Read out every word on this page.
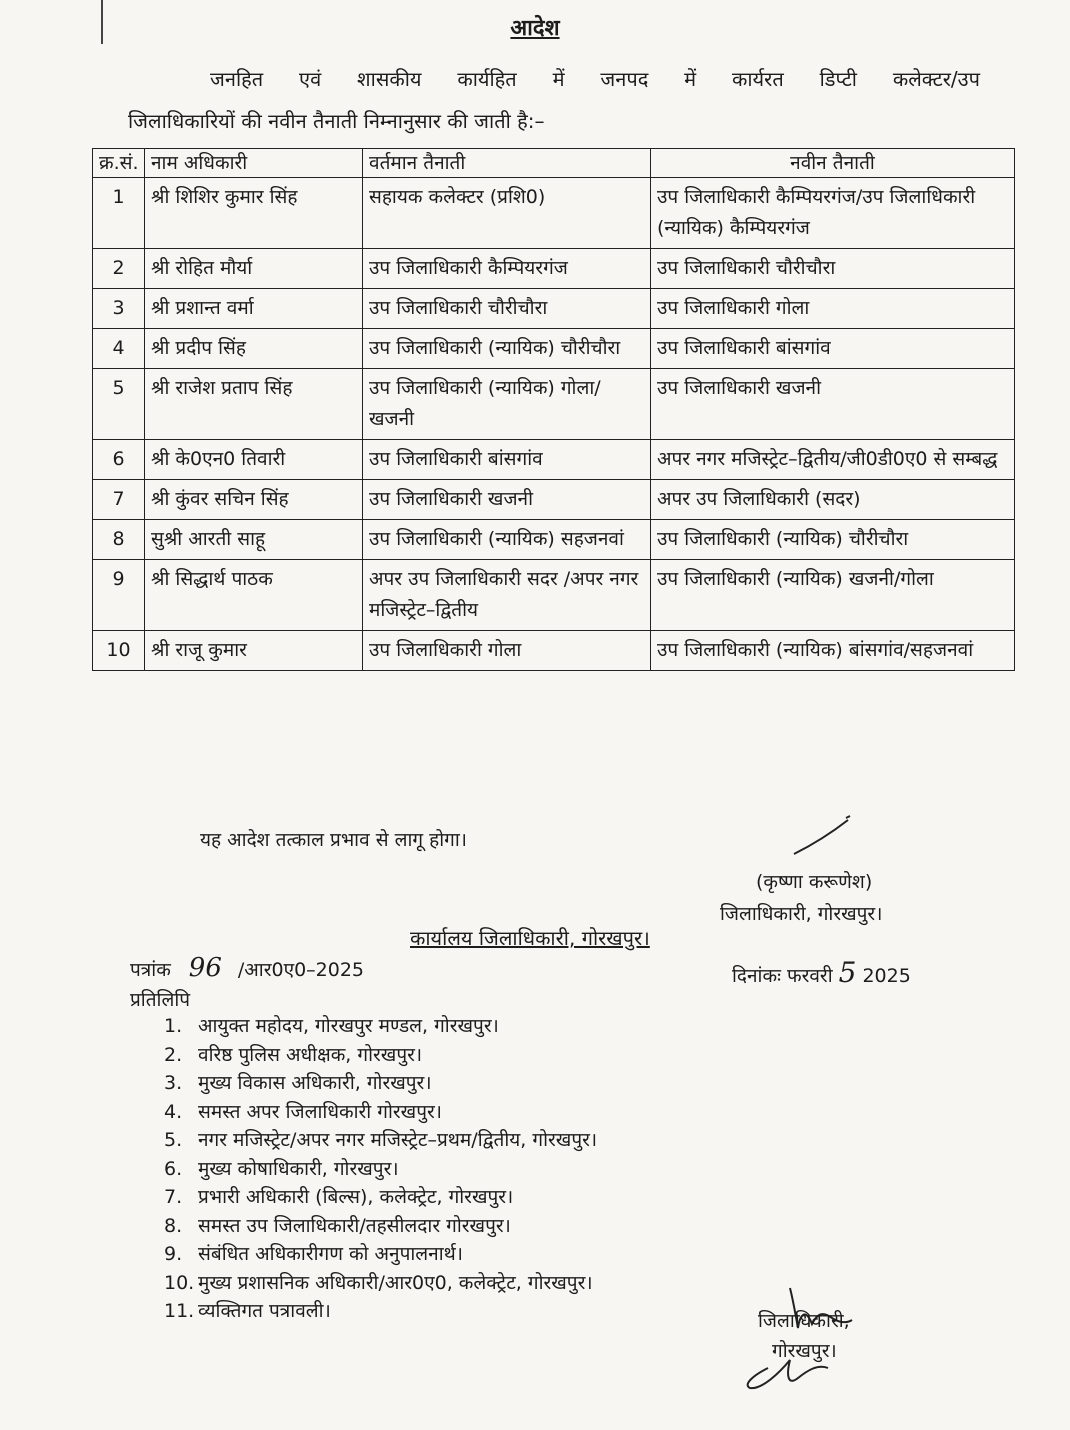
आदेश
जनहित एवं शासकीय कार्यहित में जनपद में कार्यरत डिप्टी कलेक्टर/उप
जिलाधिकारियों की नवीन तैनाती निम्नानुसार की जाती है:–
क्र.सं.	नाम अधिकारी	वर्तमान तैनाती	नवीन तैनाती
1	श्री शिशिर कुमार सिंह	सहायक कलेक्टर (प्रशि0)	उप जिलाधिकारी कैम्पियरगंज/उप जिलाधिकारी (न्यायिक) कैम्पियरगंज
2	श्री रोहित मौर्या	उप जिलाधिकारी कैम्पियरगंज	उप जिलाधिकारी चौरीचौरा
3	श्री प्रशान्त वर्मा	उप जिलाधिकारी चौरीचौरा	उप जिलाधिकारी गोला
4	श्री प्रदीप सिंह	उप जिलाधिकारी (न्यायिक) चौरीचौरा	उप जिलाधिकारी बांसगांव
5	श्री राजेश प्रताप सिंह	उप जिलाधिकारी (न्यायिक) गोला/खजनी	उप जिलाधिकारी खजनी
6	श्री के0एन0 तिवारी	उप जिलाधिकारी बांसगांव	अपर नगर मजिस्ट्रेट–द्वितीय/जी0डी0ए0 से सम्बद्ध
7	श्री कुंवर सचिन सिंह	उप जिलाधिकारी खजनी	अपर उप जिलाधिकारी (सदर)
8	सुश्री आरती साहू	उप जिलाधिकारी (न्यायिक) सहजनवां	उप जिलाधिकारी (न्यायिक) चौरीचौरा
9	श्री सिद्धार्थ पाठक	अपर उप जिलाधिकारी सदर /अपर नगर मजिस्ट्रेट–द्वितीय	उप जिलाधिकारी (न्यायिक) खजनी/गोला
10	श्री राजू कुमार	उप जिलाधिकारी गोला	उप जिलाधिकारी (न्यायिक) बांसगांव/सहजनवां
यह आदेश तत्काल प्रभाव से लागू होगा।
(कृष्णा करूणेश)
जिलाधिकारी, गोरखपुर।
कार्यालय जिलाधिकारी, गोरखपुर।
पत्रांक 96 /आर0ए0–2025	दिनांकः फरवरी 5 2025
प्रतिलिपि
1. आयुक्त महोदय, गोरखपुर मण्डल, गोरखपुर।
2. वरिष्ठ पुलिस अधीक्षक, गोरखपुर।
3. मुख्य विकास अधिकारी, गोरखपुर।
4. समस्त अपर जिलाधिकारी गोरखपुर।
5. नगर मजिस्ट्रेट/अपर नगर मजिस्ट्रेट–प्रथम/द्वितीय, गोरखपुर।
6. मुख्य कोषाधिकारी, गोरखपुर।
7. प्रभारी अधिकारी (बिल्स), कलेक्ट्रेट, गोरखपुर।
8. समस्त उप जिलाधिकारी/तहसीलदार गोरखपुर।
9. संबंधित अधिकारीगण को अनुपालनार्थ।
10. मुख्य प्रशासनिक अधिकारी/आर0ए0, कलेक्ट्रेट, गोरखपुर।
11. व्यक्तिगत पत्रावली।	जिलाधिकारी,
गोरखपुर।
